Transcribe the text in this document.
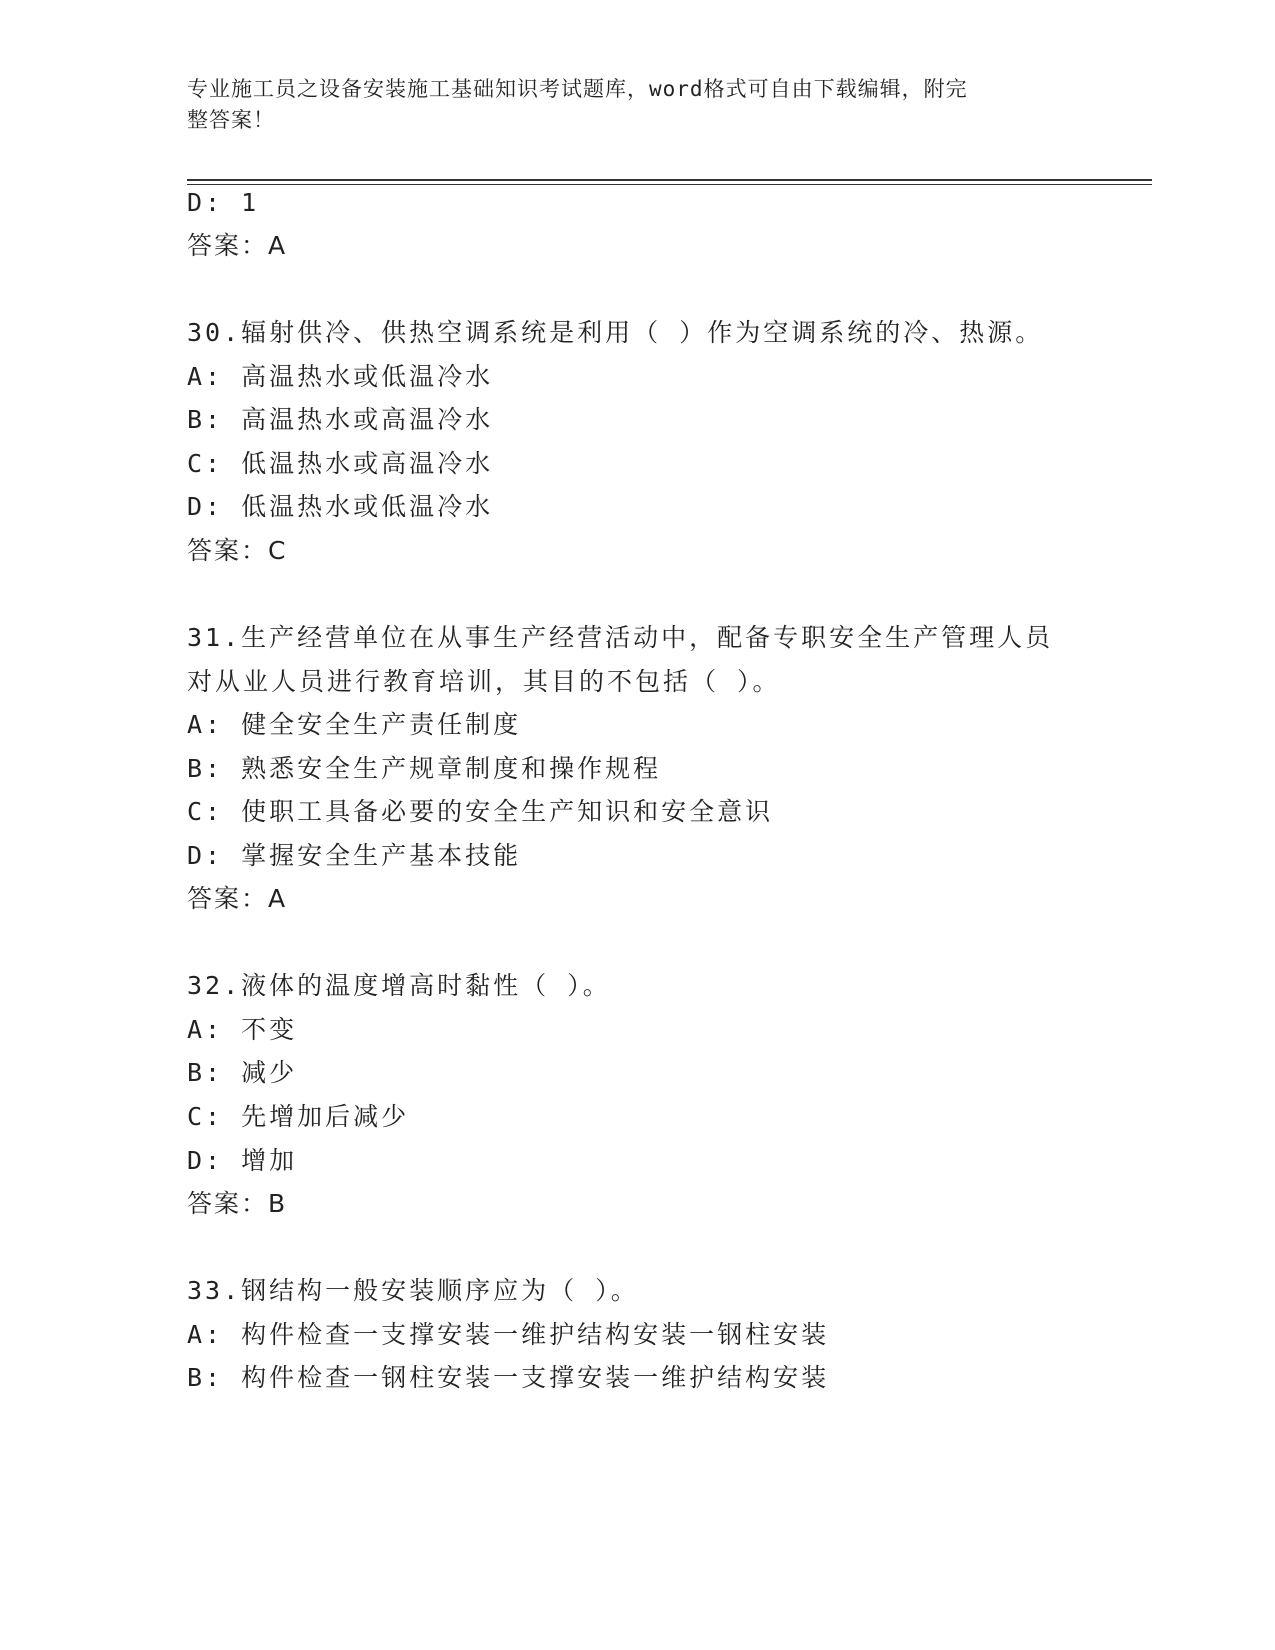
专业施工员之设备安装施工基础知识考试题库，word格式可自由下载编辑，附完
整答案！
D: 1
答案：A
30.辐射供冷、供热空调系统是利用（ ）作为空调系统的冷、热源。
A: 高温热水或低温冷水
B: 高温热水或高温冷水
C: 低温热水或高温冷水
D: 低温热水或低温冷水
答案：C
31.生产经营单位在从事生产经营活动中，配备专职安全生产管理人员
对从业人员进行教育培训，其目的不包括（ ）。
A: 健全安全生产责任制度
B: 熟悉安全生产规章制度和操作规程
C: 使职工具备必要的安全生产知识和安全意识
D: 掌握安全生产基本技能
答案：A
32.液体的温度增高时黏性（ ）。
A: 不变
B: 减少
C: 先增加后减少
D: 增加
答案：B
33.钢结构一般安装顺序应为（ ）。
A: 构件检查一支撑安装一维护结构安装一钢柱安装
B: 构件检查一钢柱安装一支撑安装一维护结构安装
